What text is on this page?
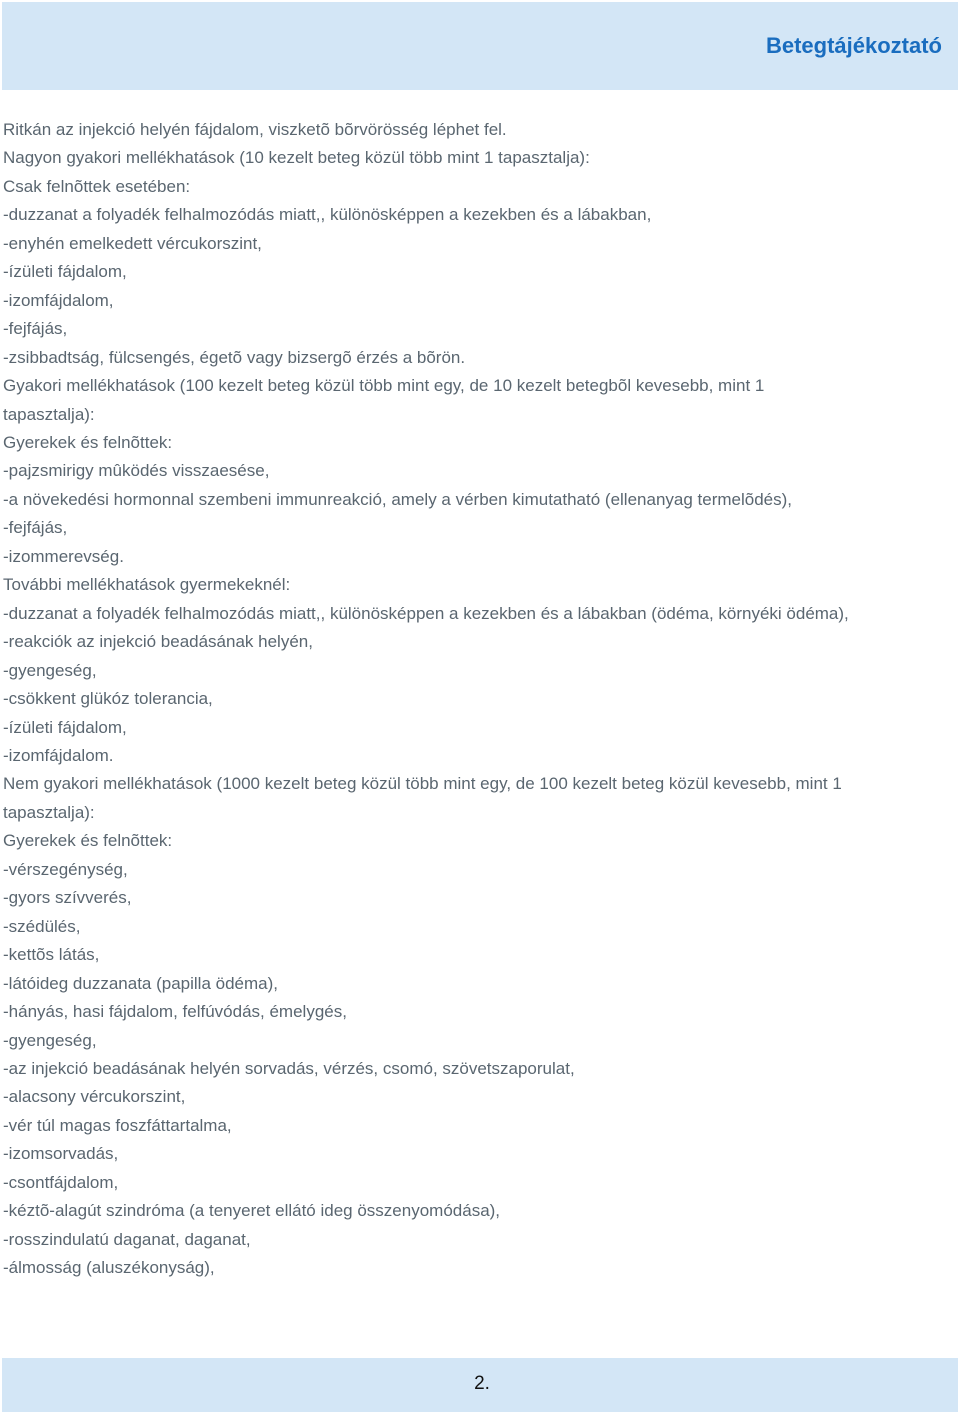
Betegtájékoztató
Ritkán az injekció helyén fájdalom, viszketõ bõrvörösség léphet fel.
Nagyon gyakori mellékhatások (10 kezelt beteg közül több mint 1 tapasztalja):
Csak felnõttek esetében:
-duzzanat a folyadék felhalmozódás miatt,, különösképpen a kezekben és a lábakban,
-enyhén emelkedett vércukorszint,
-ízületi fájdalom,
-izomfájdalom,
-fejfájás,
-zsibbadtság, fülcsengés, égetõ vagy bizsergõ érzés a bõrön.
Gyakori mellékhatások (100 kezelt beteg közül több mint egy, de 10 kezelt betegbõl kevesebb, mint 1
tapasztalja):
Gyerekek és felnõttek:
-pajzsmirigy mûködés visszaesése,
-a növekedési hormonnal szembeni immunreakció, amely a vérben kimutatható (ellenanyag termelõdés),
-fejfájás,
-izommerevség.
További mellékhatások gyermekeknél:
-duzzanat a folyadék felhalmozódás miatt,, különösképpen a kezekben és a lábakban (ödéma, környéki ödéma),
-reakciók az injekció beadásának helyén,
-gyengeség,
-csökkent glükóz tolerancia,
-ízületi fájdalom,
-izomfájdalom.
Nem gyakori mellékhatások (1000 kezelt beteg közül több mint egy, de 100 kezelt beteg közül kevesebb, mint 1
tapasztalja):
Gyerekek és felnõttek:
-vérszegénység,
-gyors szívverés,
-szédülés,
-kettõs látás,
-látóideg duzzanata (papilla ödéma),
-hányás, hasi fájdalom, felfúvódás, émelygés,
-gyengeség,
-az injekció beadásának helyén sorvadás, vérzés, csomó, szövetszaporulat,
-alacsony vércukorszint,
-vér túl magas foszfáttartalma,
-izomsorvadás,
-csontfájdalom,
-kéztõ-alagút szindróma (a tenyeret ellátó ideg összenyomódása),
-rosszindulatú daganat, daganat,
-álmosság (aluszékonyság),
2.
